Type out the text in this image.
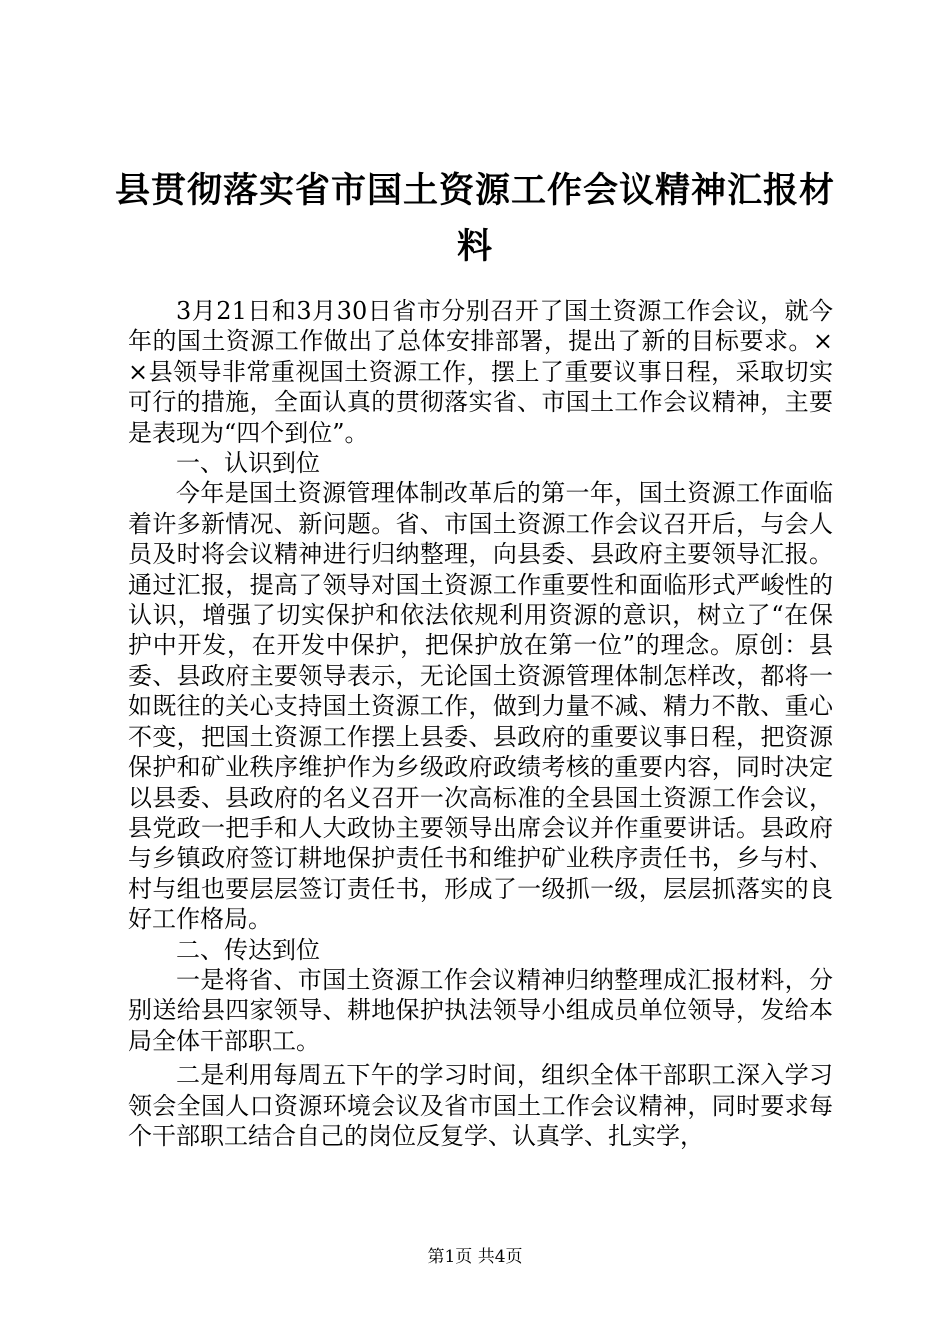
县贯彻落实省市国土资源工作会议精神汇报材料

3月21日和3月30日省市分别召开了国土资源工作会议，就今年的国土资源工作做出了总体安排部署，提出了新的目标要求。××县领导非常重视国土资源工作，摆上了重要议事日程，采取切实可行的措施，全面认真的贯彻落实省、市国土工作会议精神，主要是表现为“四个到位”。

一、认识到位

今年是国土资源管理体制改革后的第一年，国土资源工作面临着许多新情况、新问题。省、市国土资源工作会议召开后，与会人员及时将会议精神进行归纳整理，向县委、县政府主要领导汇报。通过汇报，提高了领导对国土资源工作重要性和面临形式严峻性的认识，增强了切实保护和依法依规利用资源的意识，树立了“在保护中开发，在开发中保护，把保护放在第一位”的理念。原创：县委、县政府主要领导表示，无论国土资源管理体制怎样改，都将一如既往的关心支持国土资源工作，做到力量不减、精力不散、重心不变，把国土资源工作摆上县委、县政府的重要议事日程，把资源保护和矿业秩序维护作为乡级政府政绩考核的重要内容，同时决定以县委、县政府的名义召开一次高标准的全县国土资源工作会议，县党政一把手和人大政协主要领导出席会议并作重要讲话。县政府与乡镇政府签订耕地保护责任书和维护矿业秩序责任书，乡与村、村与组也要层层签订责任书，形成了一级抓一级，层层抓落实的良好工作格局。

二、传达到位

一是将省、市国土资源工作会议精神归纳整理成汇报材料，分别送给县四家领导、耕地保护执法领导小组成员单位领导，发给本局全体干部职工。

二是利用每周五下午的学习时间，组织全体干部职工深入学习领会全国人口资源环境会议及省市国土工作会议精神，同时要求每个干部职工结合自己的岗位反复学、认真学、扎实学，

第1页 共4页
